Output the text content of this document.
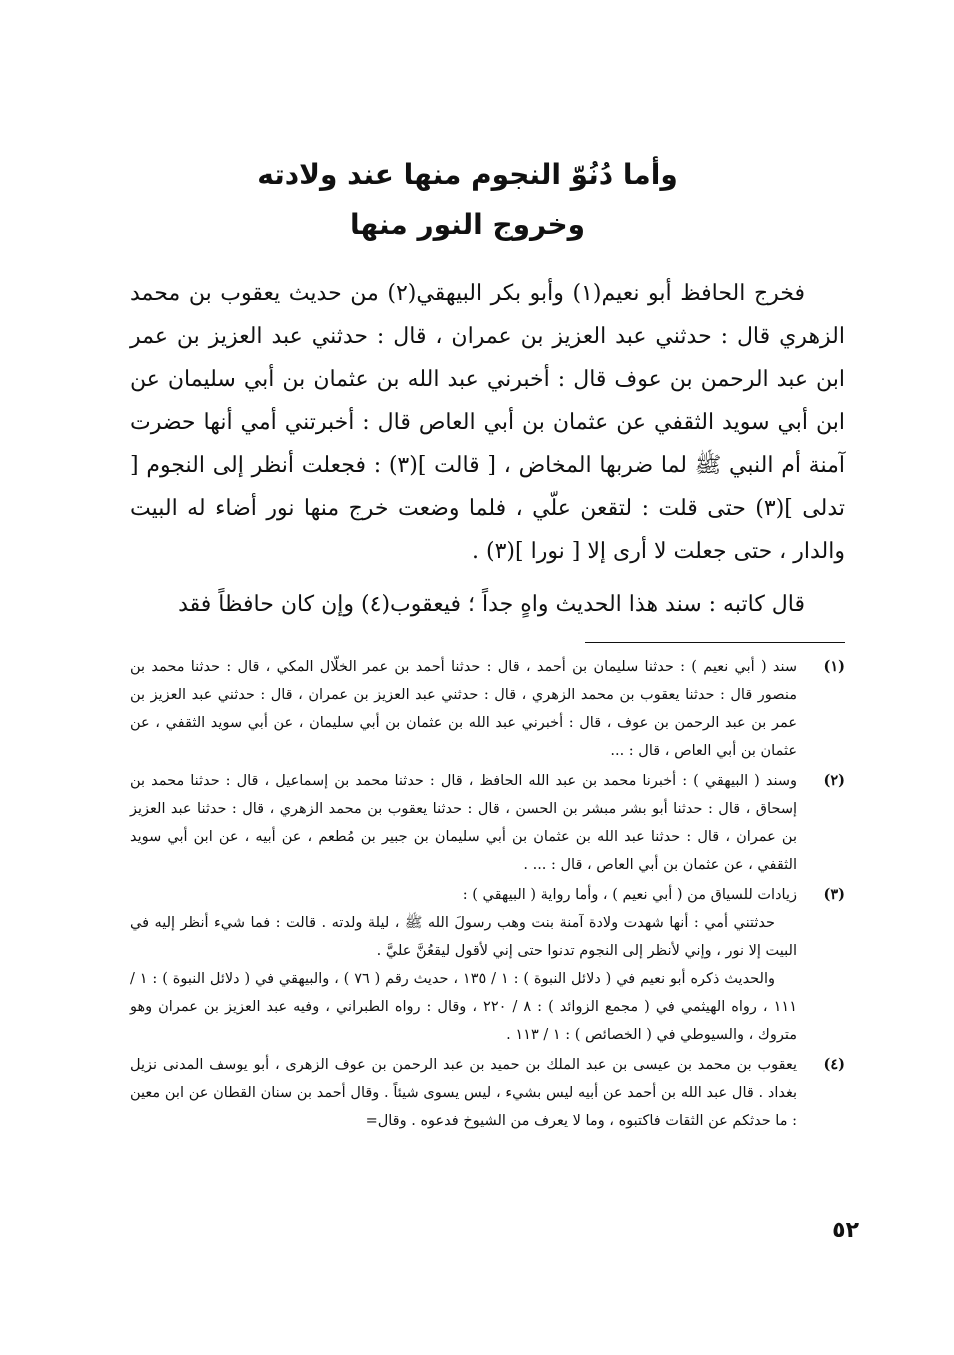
وأما دُنُوّ النجوم منها عند ولادته

وخروج النور منها

فخرج الحافظ أبو نعيم(١) وأبو بكر البيهقي(٢) من حديث يعقوب بن محمد الزهري قال : حدثني عبد العزيز بن عمران ، قال : حدثني عبد العزيز بن عمر ابن عبد الرحمن بن عوف قال : أخبرني عبد الله بن عثمان بن أبي سليمان عن ابن أبي سويد الثقفي عن عثمان بن أبي العاص قال : أخبرتني أمي أنها حضرت آمنة أم النبي ﷺ لما ضربها المخاض ، [ قالت ](٣) : فجعلت أنظر إلى النجوم [ تدلى ](٣) حتى قلت : لتقعن علّي ، فلما وضعت خرج منها نور أضاء له البيت والدار ، حتى جعلت لا أرى إلا [ نورا ](٣) .

قال كاتبه : سند هذا الحديث واهٍ جداً ؛ فيعقوب(٤) وإن كان حافظاً فقد

(١)

سند ( أبي نعيم ) : حدثنا سليمان بن أحمد ، قال : حدثنا أحمد بن عمر الخلّال المكي ، قال : حدثنا محمد بن منصور قال : حدثنا يعقوب بن محمد الزهري ، قال : حدثني عبد العزيز بن عمران ، قال : حدثني عبد العزيز بن عمر بن عبد الرحمن بن عوف ، قال : أخبرني عبد الله بن عثمان بن أبي سليمان ، عن أبي سويد الثقفي ، عن عثمان بن أبي العاص ، قال : ...

(٢)

وسند ( البيهقي ) : أخبرنا محمد بن عبد الله الحافظ ، قال : حدثنا محمد بن إسماعيل ، قال : حدثنا محمد بن إسحاق ، قال : حدثنا أبو بشر مبشر بن الحسن ، قال : حدثنا يعقوب بن محمد الزهري ، قال : حدثنا عبد العزيز بن عمران ، قال : حدثنا عبد الله بن عثمان بن أبي سليمان بن جبير بن مُطعم ، عن أبيه ، عن ابن أبي سويد الثقفي ، عن عثمان بن أبي العاص ، قال : ... .

(٣)

زيادات للسياق من ( أبي نعيم ) ، وأما رواية ( البيهقي ) :

حدثتني أمي : أنها شهدت ولادة آمنة بنت وهب رسولَ الله ﷺ ، ليلة ولدته . قالت : فما شيء أنظر إليه في البيت إلا نور ، وإني لأنظر إلى النجوم تدنوا حتى إني لأقول ليقعُنَّ عليَّ .

والحديث ذكره أبو نعيم في ( دلائل النبوة ) : ١ / ١٣٥ ، حديث رقم ( ٧٦ ) ، والبيهقي في ( دلائل النبوة ) : ١ / ١١١ ، رواه الهيثمي في ( مجمع الزوائد ) : ٨ / ٢٢٠ ، وقال : رواه الطبراني ، وفيه عبد العزيز بن عمران وهو متروك ، والسيوطي في ( الخصائص ) : ١ / ١١٣ .

(٤)

يعقوب بن محمد بن عيسى بن عبد الملك بن حميد بن عبد الرحمن بن عوف الزهرى ، أبو يوسف المدنى نزيل بغداد . قال عبد الله بن أحمد عن أبيه ليس بشيء ، ليس يسوى شيئاً . وقال أحمد بن سنان القطان عن ابن معين : ما حدثكم عن الثقات فاكتبوه ، وما لا يعرف من الشيوخ فدعوه . وقال=

٥٢
